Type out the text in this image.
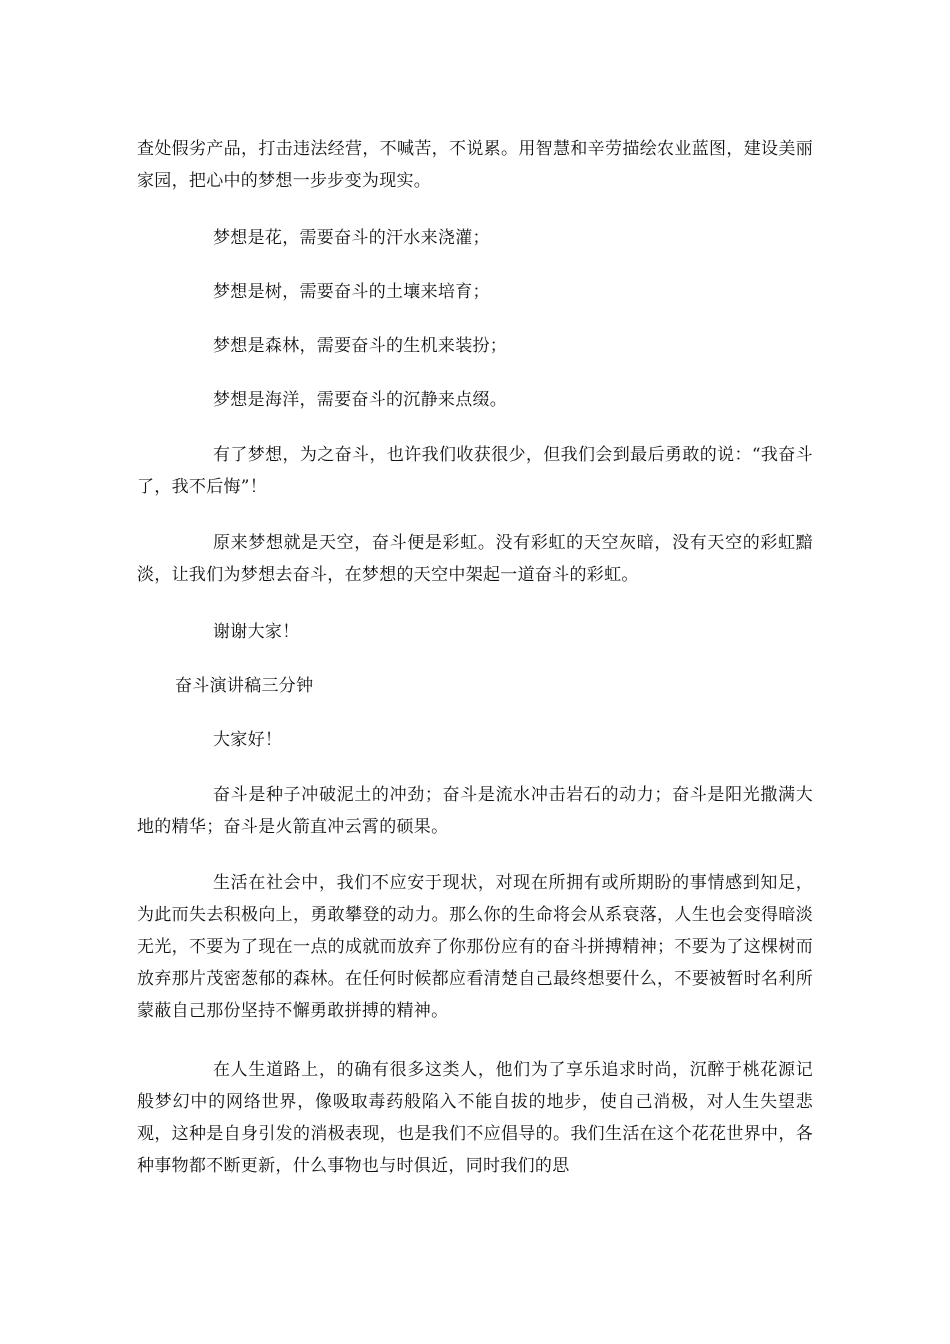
查处假劣产品，打击违法经营，不喊苦，不说累。用智慧和辛劳描绘农业蓝图，建设美丽家园，把心中的梦想一步步变为现实。

梦想是花，需要奋斗的汗水来浇灌；

梦想是树，需要奋斗的土壤来培育；

梦想是森林，需要奋斗的生机来装扮；

梦想是海洋，需要奋斗的沉静来点缀。

有了梦想，为之奋斗，也许我们收获很少，但我们会到最后勇敢的说：“我奋斗了，我不后悔”！

原来梦想就是天空，奋斗便是彩虹。没有彩虹的天空灰暗，没有天空的彩虹黯淡，让我们为梦想去奋斗，在梦想的天空中架起一道奋斗的彩虹。

谢谢大家！

奋斗演讲稿三分钟

大家好！

奋斗是种子冲破泥土的冲劲；奋斗是流水冲击岩石的动力；奋斗是阳光撒满大地的精华；奋斗是火箭直冲云霄的硕果。

生活在社会中，我们不应安于现状，对现在所拥有或所期盼的事情感到知足，为此而失去积极向上，勇敢攀登的动力。那么你的生命将会从系衰落，人生也会变得暗淡无光，不要为了现在一点的成就而放弃了你那份应有的奋斗拼搏精神；不要为了这棵树而放弃那片茂密葱郁的森林。在任何时候都应看清楚自己最终想要什么，不要被暂时名利所蒙蔽自己那份坚持不懈勇敢拼搏的精神。

在人生道路上，的确有很多这类人，他们为了享乐追求时尚，沉醉于桃花源记般梦幻中的网络世界，像吸取毒药般陷入不能自拔的地步，使自己消极，对人生失望悲观，这种是自身引发的消极表现，也是我们不应倡导的。我们生活在这个花花世界中，各种事物都不断更新，什么事物也与时俱近，同时我们的思
